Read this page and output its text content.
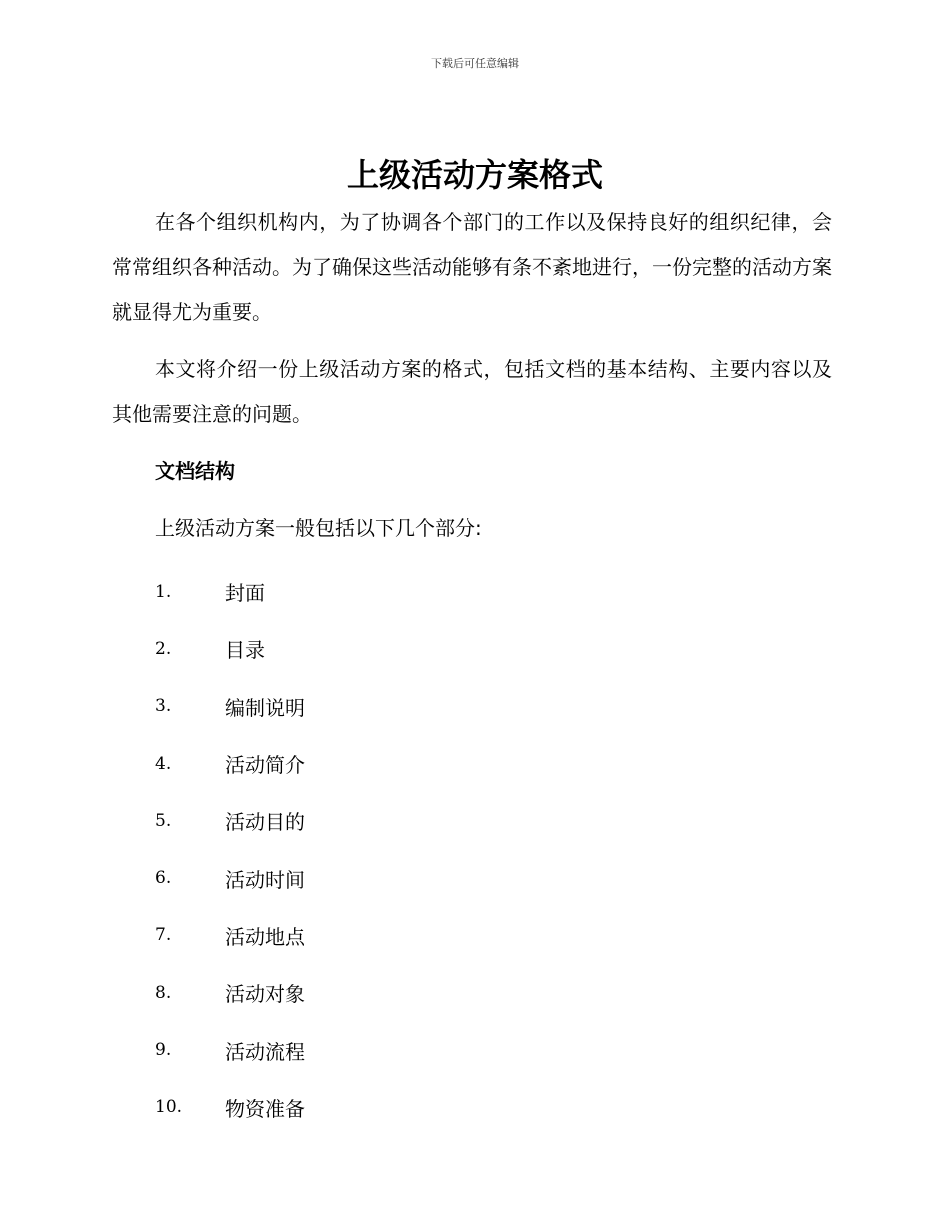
下载后可任意编辑
上级活动方案格式

在各个组织机构内，为了协调各个部门的工作以及保持良好的组织纪律，会常常组织各种活动。为了确保这些活动能够有条不紊地进行，一份完整的活动方案就显得尤为重要。

本文将介绍一份上级活动方案的格式，包括文档的基本结构、主要内容以及其他需要注意的问题。

文档结构

上级活动方案一般包括以下几个部分:

1.	封面
2.	目录
3.	编制说明
4.	活动简介
5.	活动目的
6.	活动时间
7.	活动地点
8.	活动对象
9.	活动流程
10.	物资准备
